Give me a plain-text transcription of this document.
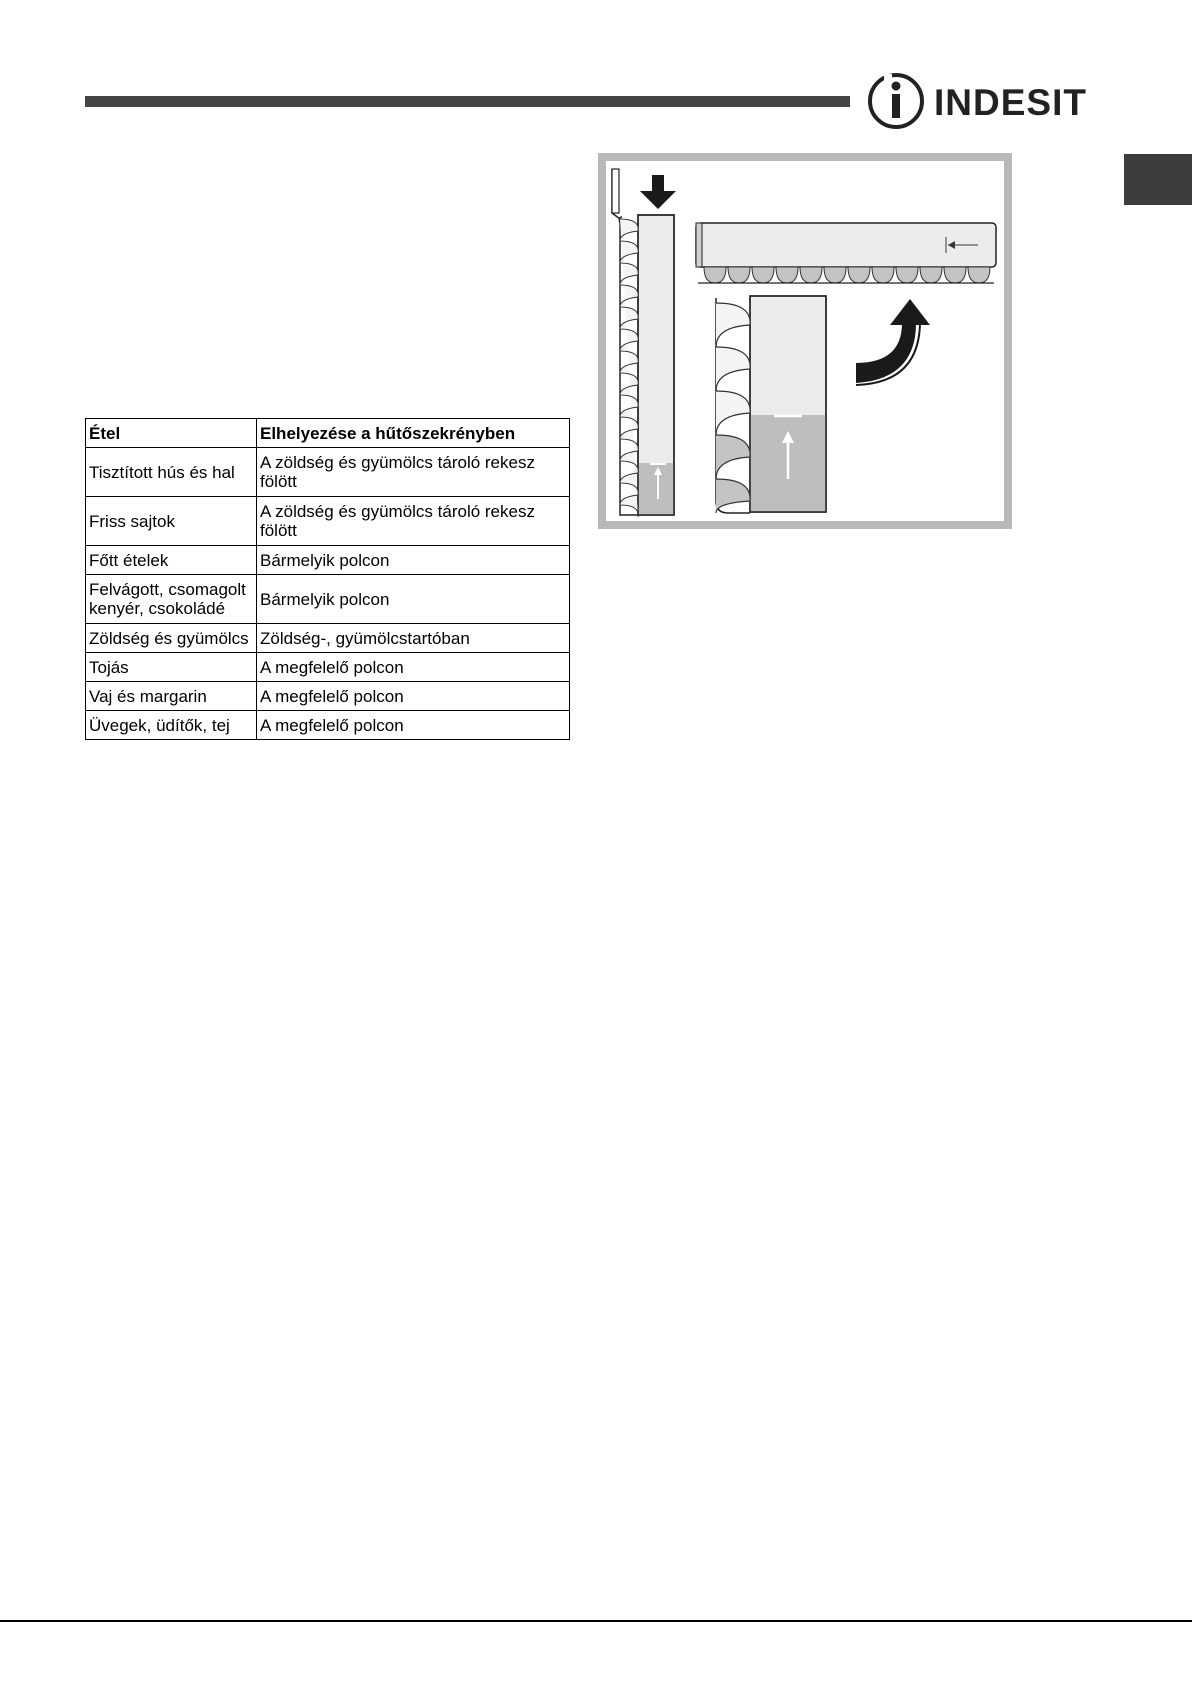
INDESIT
Étel	Elhelyezése a hűtőszekrényben
Tisztított hús és hal	A zöldség és gyümölcs tároló rekesz fölött
Friss sajtok	A zöldség és gyümölcs tároló rekesz fölött
Főtt ételek	Bármelyik polcon
Felvágott, csomagolt kenyér, csokoládé	Bármelyik polcon
Zöldség és gyümölcs	Zöldség-, gyümölcstartóban
Tojás	A megfelelő polcon
Vaj és margarin	A megfelelő polcon
Üvegek, üdítők, tej	A megfelelő polcon
